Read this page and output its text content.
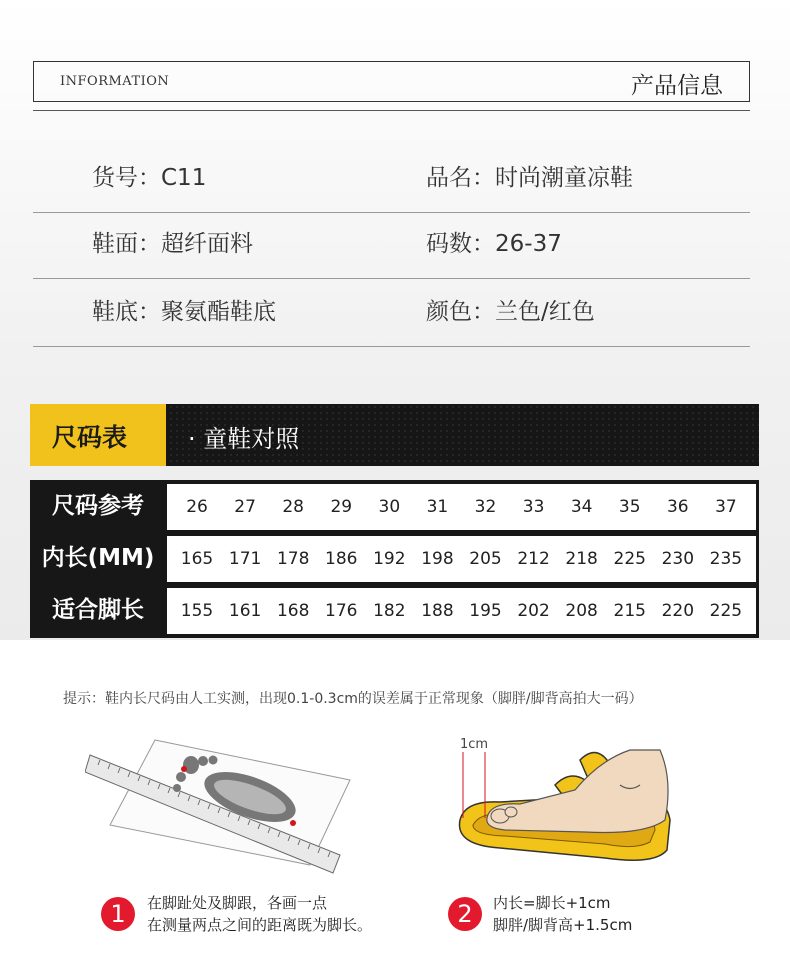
INFORMATION	产品信息
货号：C11	品名：时尚潮童凉鞋
鞋面：超纤面料	码数：26-37
鞋底：聚氨酯鞋底	颜色：兰色/红色
尺码表	· 童鞋对照
尺码参考	26	27	28	29	30	31	32	33	34	35	36	37
内长(MM)	165 171 178 186 192 198 205 212 218 225 230 235
适合脚长	155 161 168 176 182 188 195 202 208 215 220 225
提示：鞋内长尺码由人工实测，出现0.1-0.3cm的误差属于正常现象（脚胖/脚背高拍大一码）
1cm
1	在脚趾处及脚跟，各画一点
在测量两点之间的距离既为脚长。	2	内长=脚长+1cm
脚胖/脚背高+1.5cm
